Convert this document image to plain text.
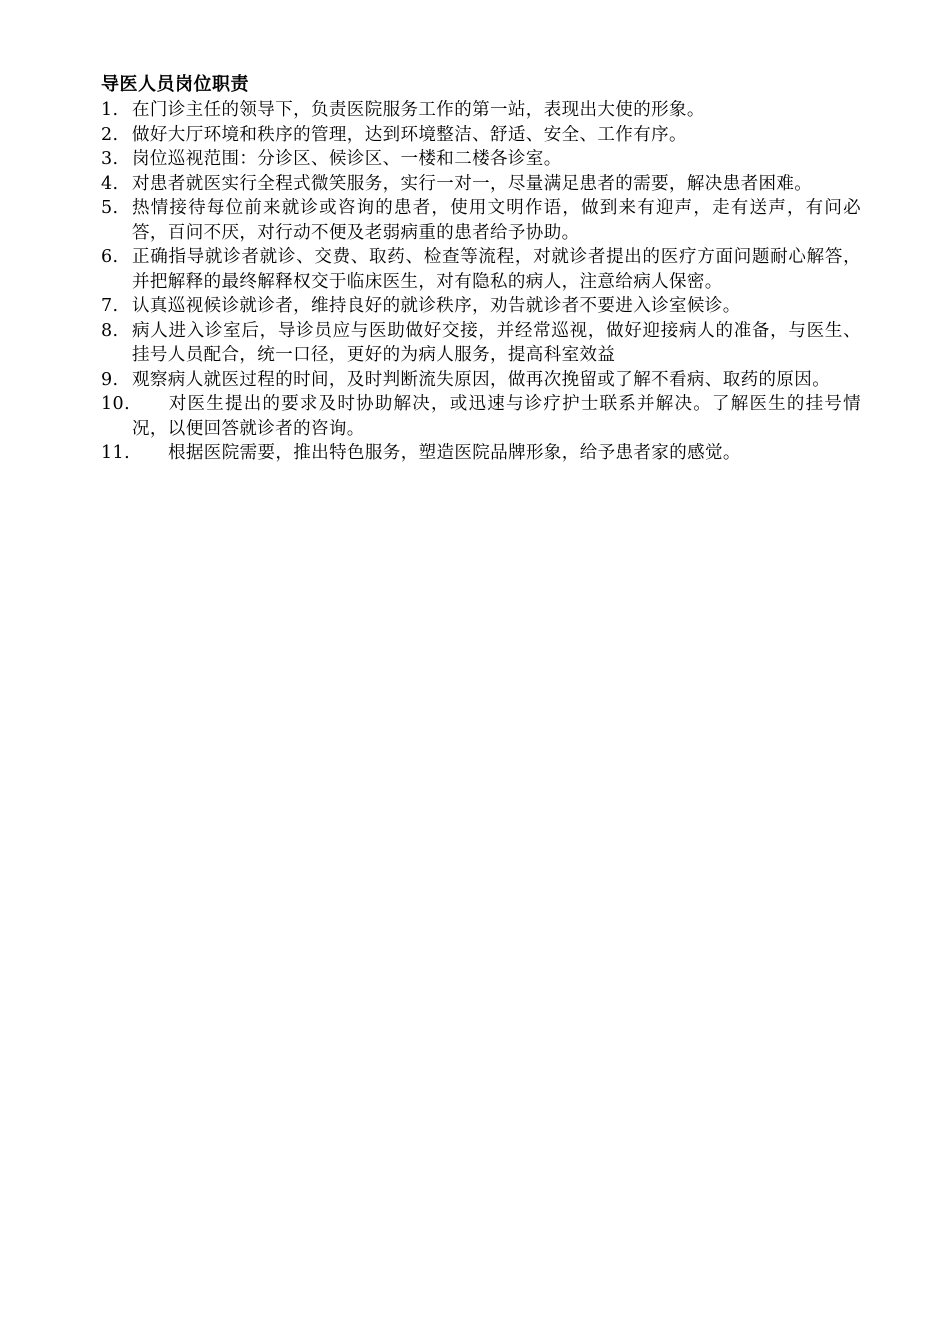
导医人员岗位职责
1. 在门诊主任的领导下，负责医院服务工作的第一站，表现出大使的形象。
2. 做好大厅环境和秩序的管理，达到环境整洁、舒适、安全、工作有序。
3. 岗位巡视范围：分诊区、候诊区、一楼和二楼各诊室。
4. 对患者就医实行全程式微笑服务，实行一对一，尽量满足患者的需要，解决患者困难。
5. 热情接待每位前来就诊或咨询的患者，使用文明作语，做到来有迎声，走有送声，有问必答，百问不厌，对行动不便及老弱病重的患者给予协助。
6. 正确指导就诊者就诊、交费、取药、检查等流程，对就诊者提出的医疗方面问题耐心解答，并把解释的最终解释权交于临床医生，对有隐私的病人，注意给病人保密。
7. 认真巡视候诊就诊者，维持良好的就诊秩序，劝告就诊者不要进入诊室候诊。
8. 病人进入诊室后，导诊员应与医助做好交接，并经常巡视，做好迎接病人的准备，与医生、挂号人员配合，统一口径，更好的为病人服务，提高科室效益
9. 观察病人就医过程的时间，及时判断流失原因，做再次挽留或了解不看病、取药的原因。
10. 对医生提出的要求及时协助解决，或迅速与诊疗护士联系并解决。了解医生的挂号情况，以便回答就诊者的咨询。
11. 根据医院需要，推出特色服务，塑造医院品牌形象，给予患者家的感觉。
